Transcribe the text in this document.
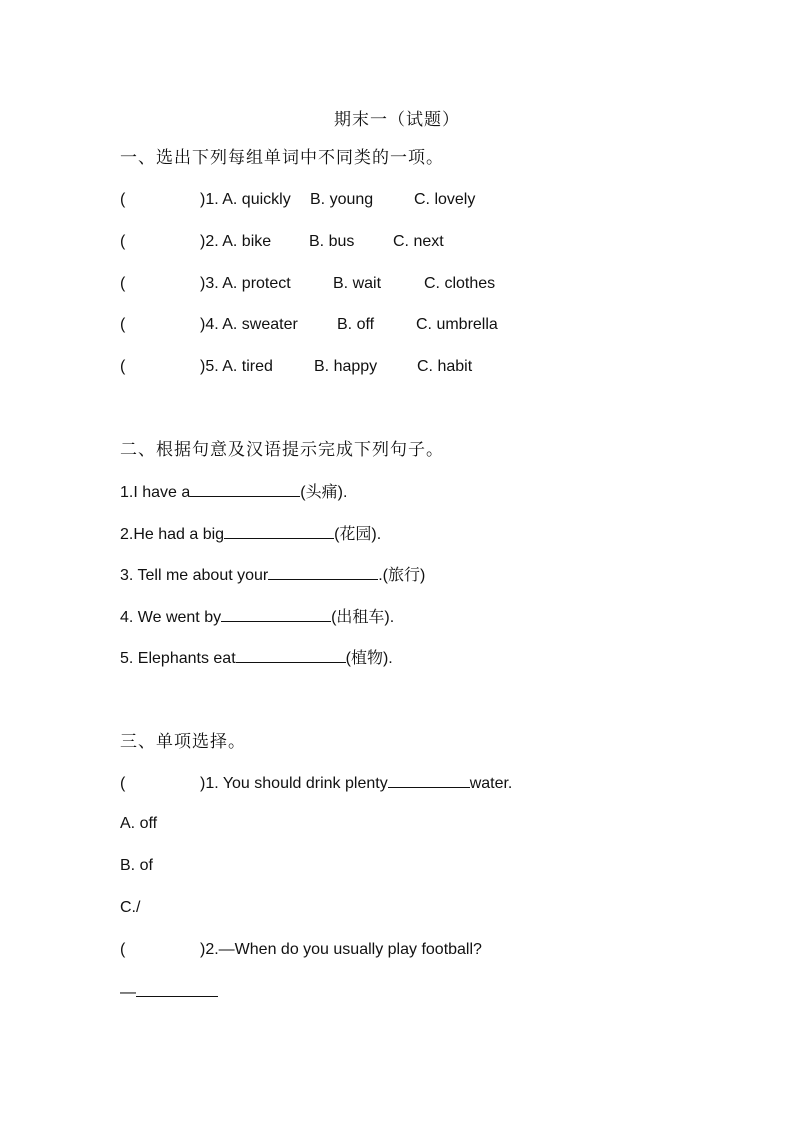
期末一（试题）
一、选出下列每组单词中不同类的一项。
(	)1. A. quickly B. young	C. lovely
(	)2. A. bike B. bus C. next
(	)3. A. protect	B. wait	C. clothes
(	)4. A. sweater B. off	C. umbrella
(	)5. A. tired	B. happy C. habit
二、根据句意及汉语提示完成下列句子。
1.I have a	(头痛).
2.He had a big	(花园).
3. Tell me about your	.(旅行)
4. We went by	(出租车).
5. Elephants eat	(植物).
三、单项选择。
(	)1. You should drink plenty	water.
A. off
B. of
C./
(	)2.—When do you usually play football?
—
